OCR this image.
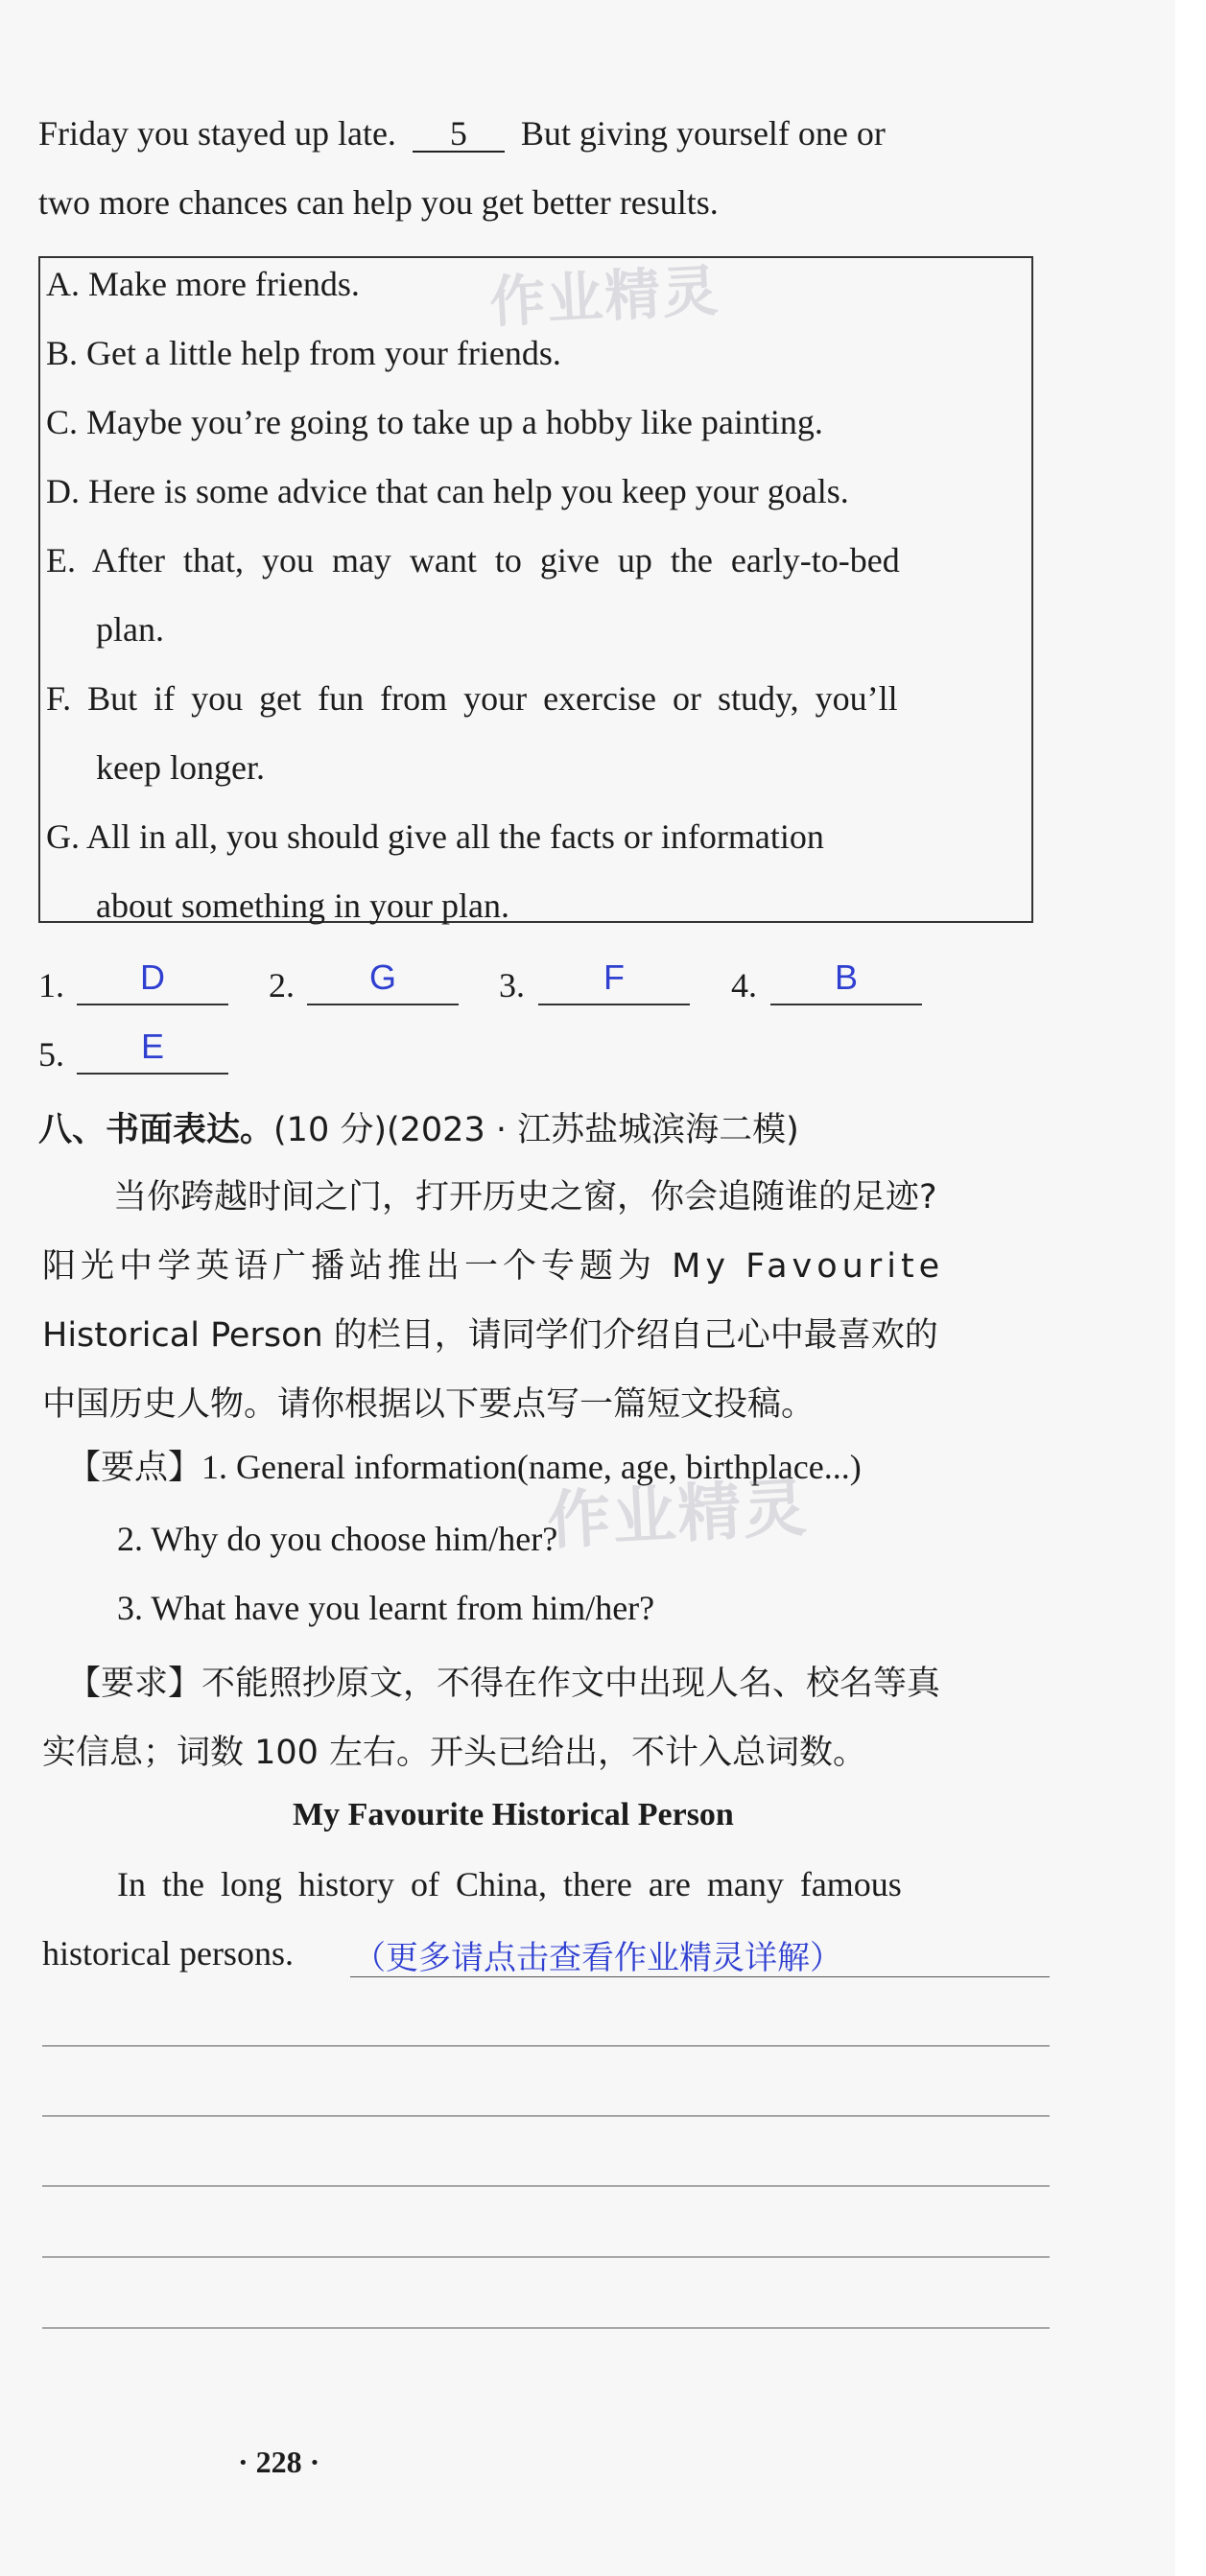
Friday you stayed up late. 5 But giving yourself one or
two more chances can help you get better results.
A. Make more friends.
B. Get a little help from your friends.
C. Maybe you’re going to take up a hobby like painting.
D. Here is some advice that can help you keep your goals.
E. After that, you may want to give up the early-to-bed
plan.
F. But if you get fun from your exercise or study, you’ll
keep longer.
G. All in all, you should give all the facts or information
about something in your plan.
1.	D	2.	G	3.	F	4.	B
5.	E
八、书面表达。(10 分)(2023 · 江苏盐城滨海二模)
当你跨越时间之门，打开历史之窗，你会追随谁的足迹?
阳光中学英语广播站推出一个专题为 My Favourite
Historical Person 的栏目，请同学们介绍自己心中最喜欢的
中国历史人物。请你根据以下要点写一篇短文投稿。
【要点】1. General information(name, age, birthplace...)
2. Why do you choose him/her?
3. What have you learnt from him/her?
【要求】不能照抄原文，不得在作文中出现人名、校名等真
实信息；词数 100 左右。开头已给出，不计入总词数。
My Favourite Historical Person
In the long history of China, there are many famous
historical persons. （更多请点击查看作业精灵详解）
· 228 ·
作业精灵
作业精灵
